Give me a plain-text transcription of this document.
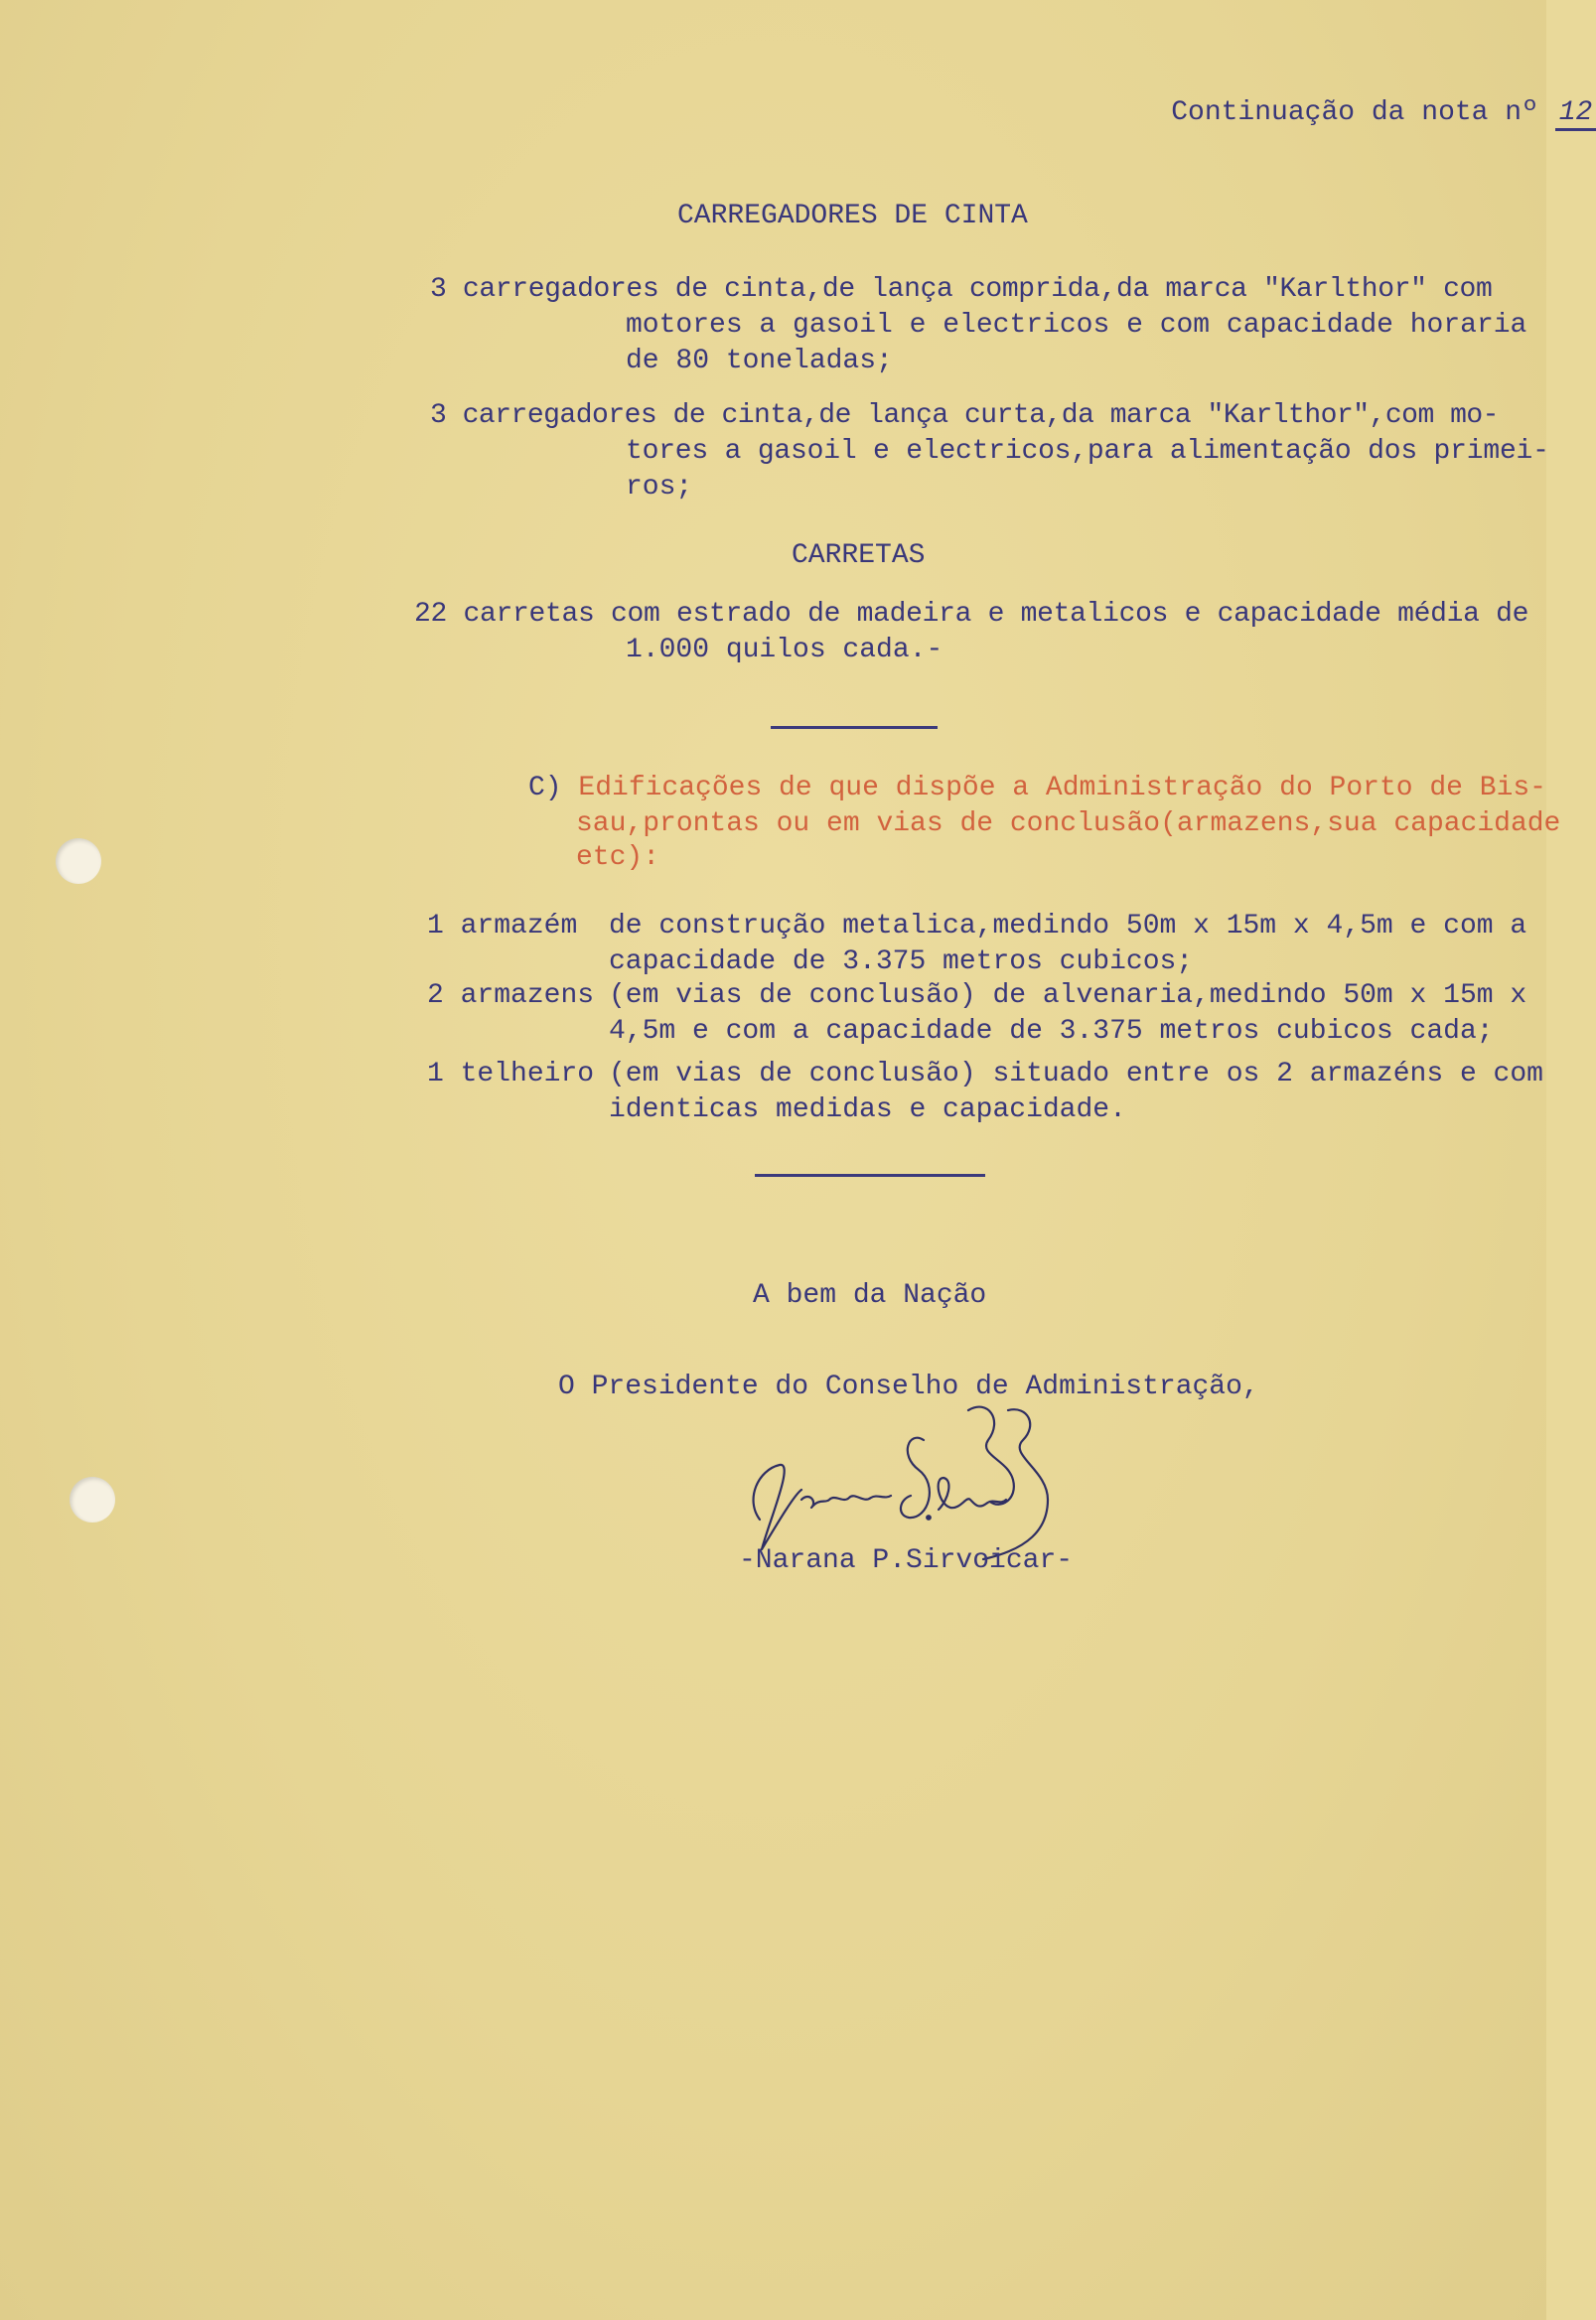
Continuação da nota nº 12

CARREGADORES DE CINTA
3 carregadores de cinta,de lança comprida,da marca "Karlthor" com
motores a gasoil e electricos e com capacidade horaria
de 80 toneladas;
3 carregadores de cinta,de lança curta,da marca "Karlthor",com mo-
tores a gasoil e electricos,para alimentação dos primei-
ros;
CARRETAS
22 carretas com estrado de madeira e metalicos e capacidade média de
1.000 quilos cada.-
C) Edificações de que dispõe a Administração do Porto de Bis-
sau,prontas ou em vias de conclusão(armazens,sua capacidade
etc):
1 armazém de construção metalica,medindo 50m x 15m x 4,5m e com a
capacidade de 3.375 metros cubicos;
2 armazens (em vias de conclusão) de alvenaria,medindo 50m x 15m x
4,5m e com a capacidade de 3.375 metros cubicos cada;
1 telheiro (em vias de conclusão) situado entre os 2 armazéns e com
identicas medidas e capacidade.
A bem da Nação
O Presidente do Conselho de Administração,
-Narana P.Sirvoicar-
